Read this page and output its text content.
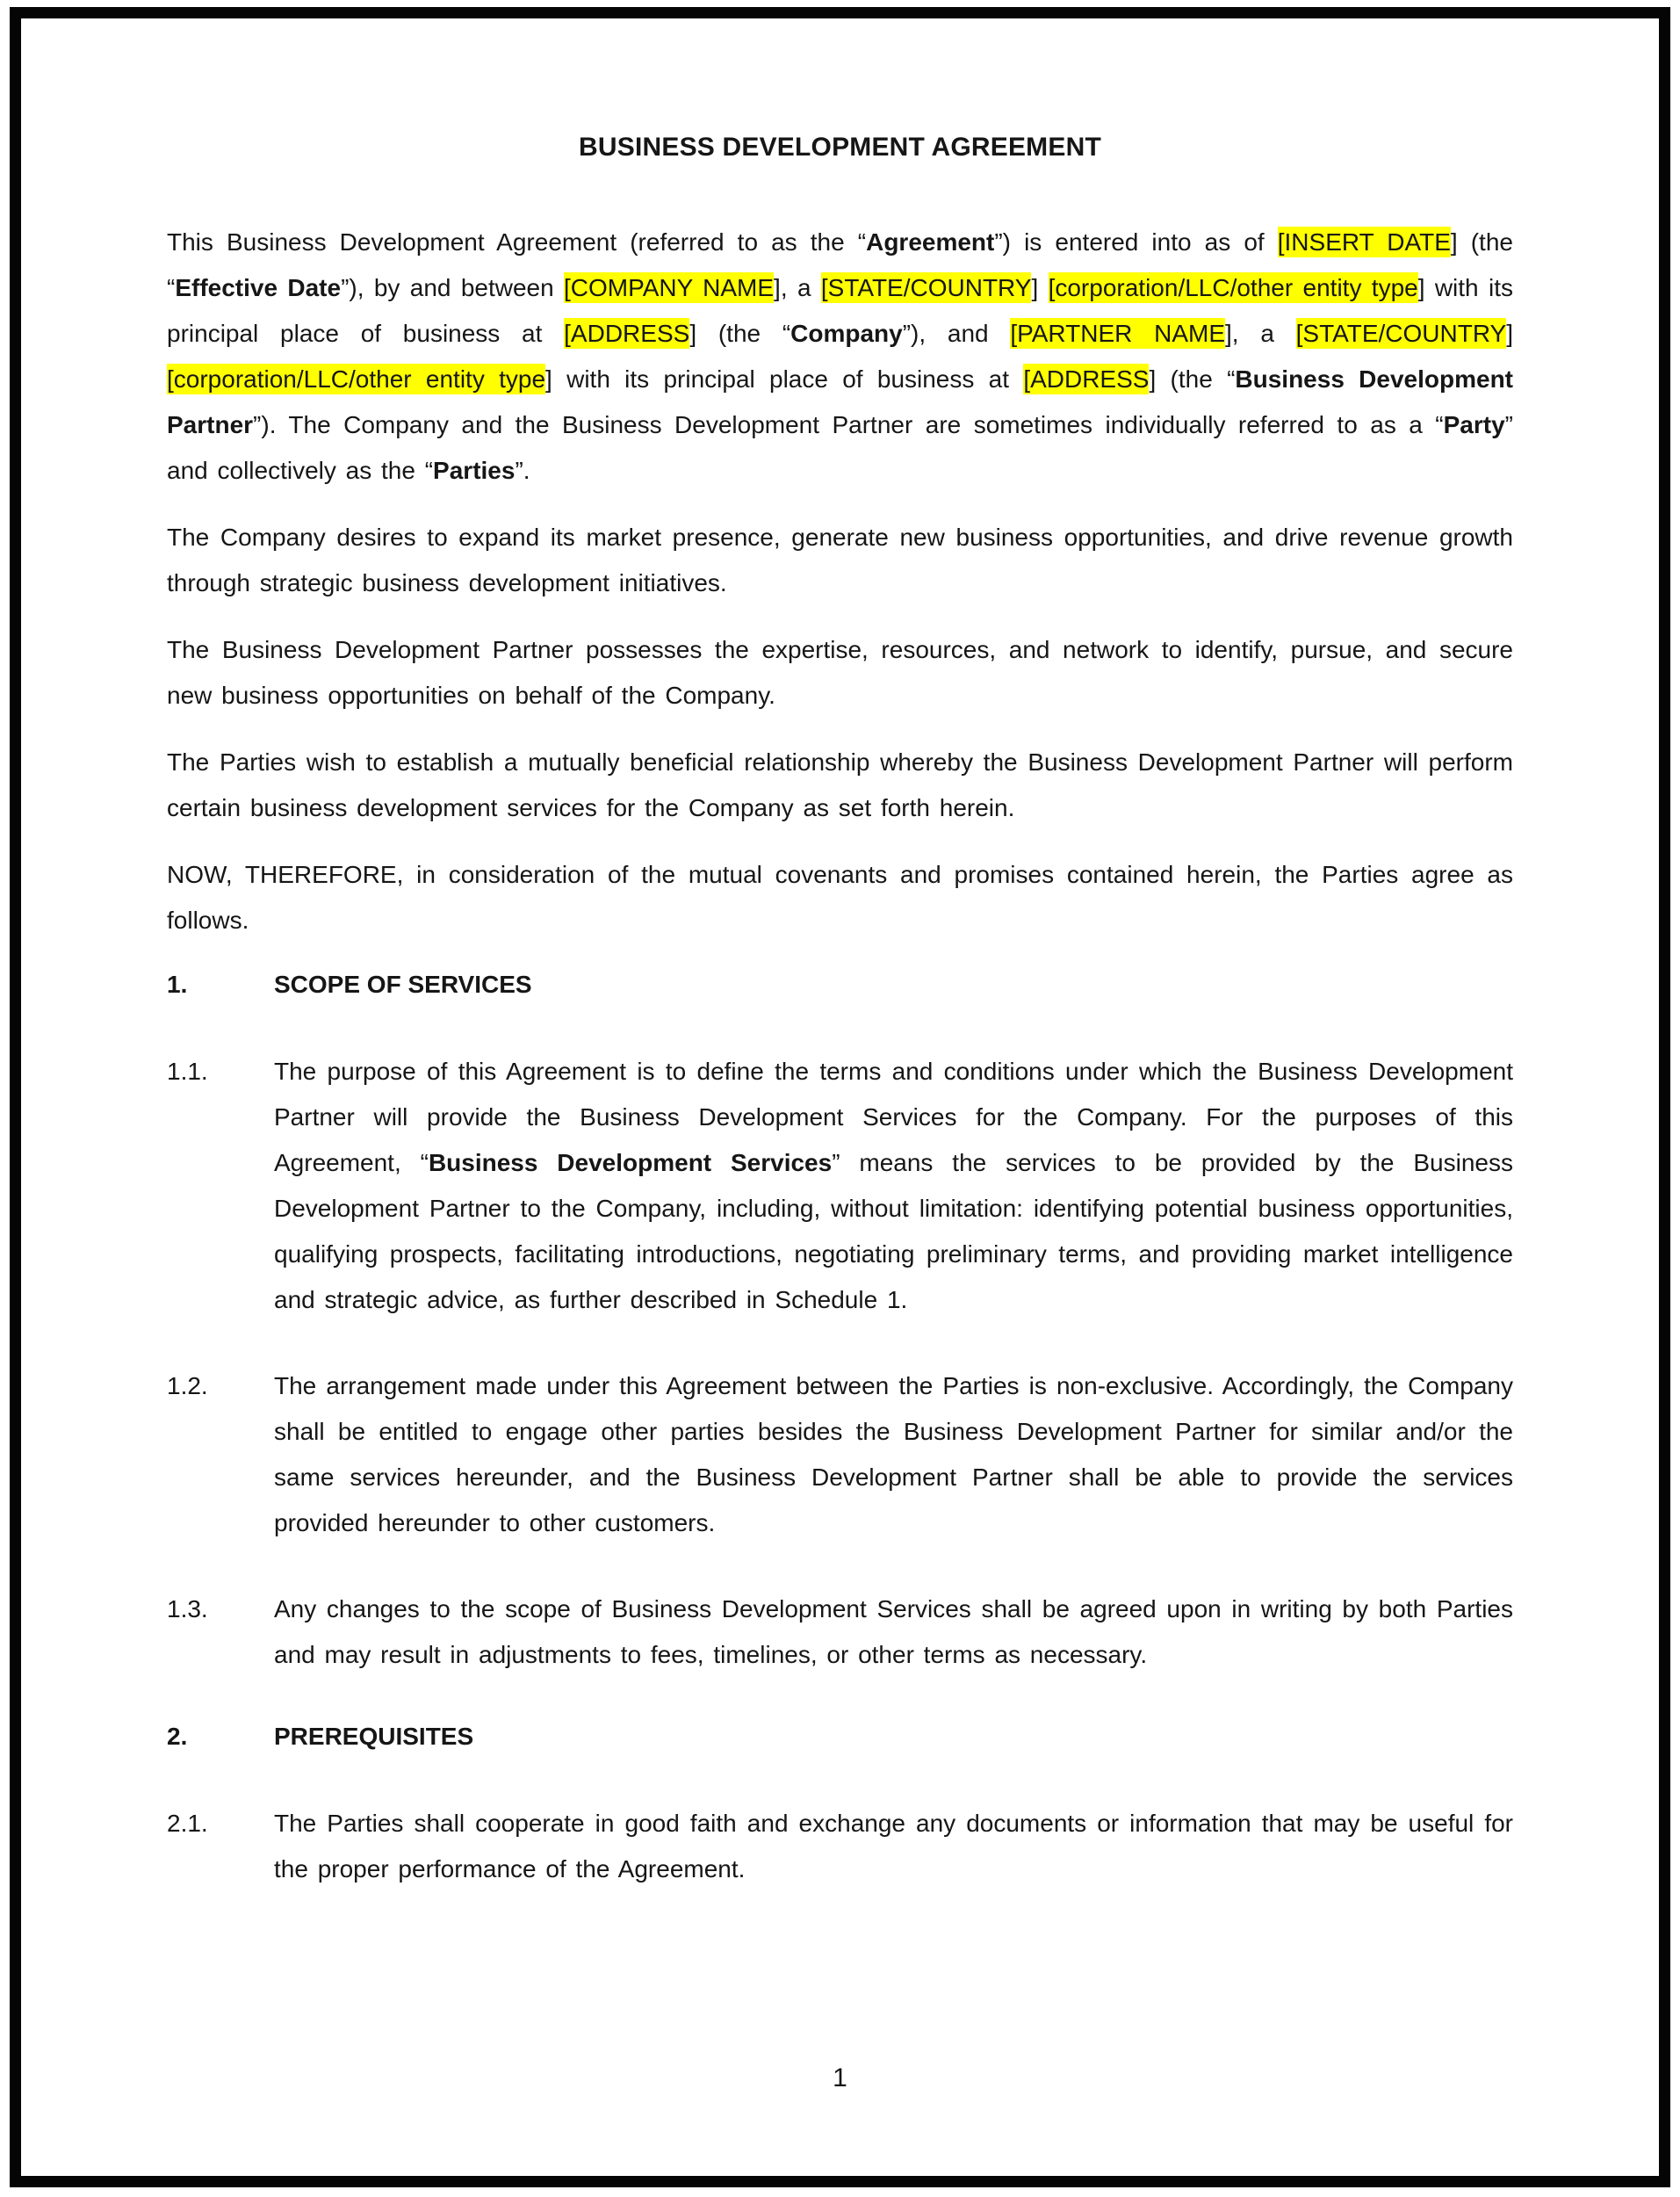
BUSINESS DEVELOPMENT AGREEMENT

This Business Development Agreement (referred to as the “Agreement”) is entered into as of [INSERT DATE] (the “Effective Date”), by and between [COMPANY NAME], a [STATE/COUNTRY] [corporation/LLC/other entity type] with its principal place of business at [ADDRESS] (the “Company”), and [PARTNER NAME], a [STATE/COUNTRY] [corporation/LLC/other entity type] with its principal place of business at [ADDRESS] (the “Business Development Partner”). The Company and the Business Development Partner are sometimes individually referred to as a “Party” and collectively as the “Parties”.

The Company desires to expand its market presence, generate new business opportunities, and drive revenue growth through strategic business development initiatives.

The Business Development Partner possesses the expertise, resources, and network to identify, pursue, and secure new business opportunities on behalf of the Company.

The Parties wish to establish a mutually beneficial relationship whereby the Business Development Partner will perform certain business development services for the Company as set forth herein.

NOW, THEREFORE, in consideration of the mutual covenants and promises contained herein, the Parties agree as follows.

1.	SCOPE OF SERVICES
1.1.	The purpose of this Agreement is to define the terms and conditions under which the Business Development Partner will provide the Business Development Services for the Company. For the purposes of this Agreement, “Business Development Services” means the services to be provided by the Business Development Partner to the Company, including, without limitation: identifying potential business opportunities, qualifying prospects, facilitating introductions, negotiating preliminary terms, and providing market intelligence and strategic advice, as further described in Schedule 1.
1.2.	The arrangement made under this Agreement between the Parties is non-exclusive. Accordingly, the Company shall be entitled to engage other parties besides the Business Development Partner for similar and/or the same services hereunder, and the Business Development Partner shall be able to provide the services provided hereunder to other customers.
1.3.	Any changes to the scope of Business Development Services shall be agreed upon in writing by both Parties and may result in adjustments to fees, timelines, or other terms as necessary.
2.	PREREQUISITES
2.1.	The Parties shall cooperate in good faith and exchange any documents or information that may be useful for the proper performance of the Agreement.
1
